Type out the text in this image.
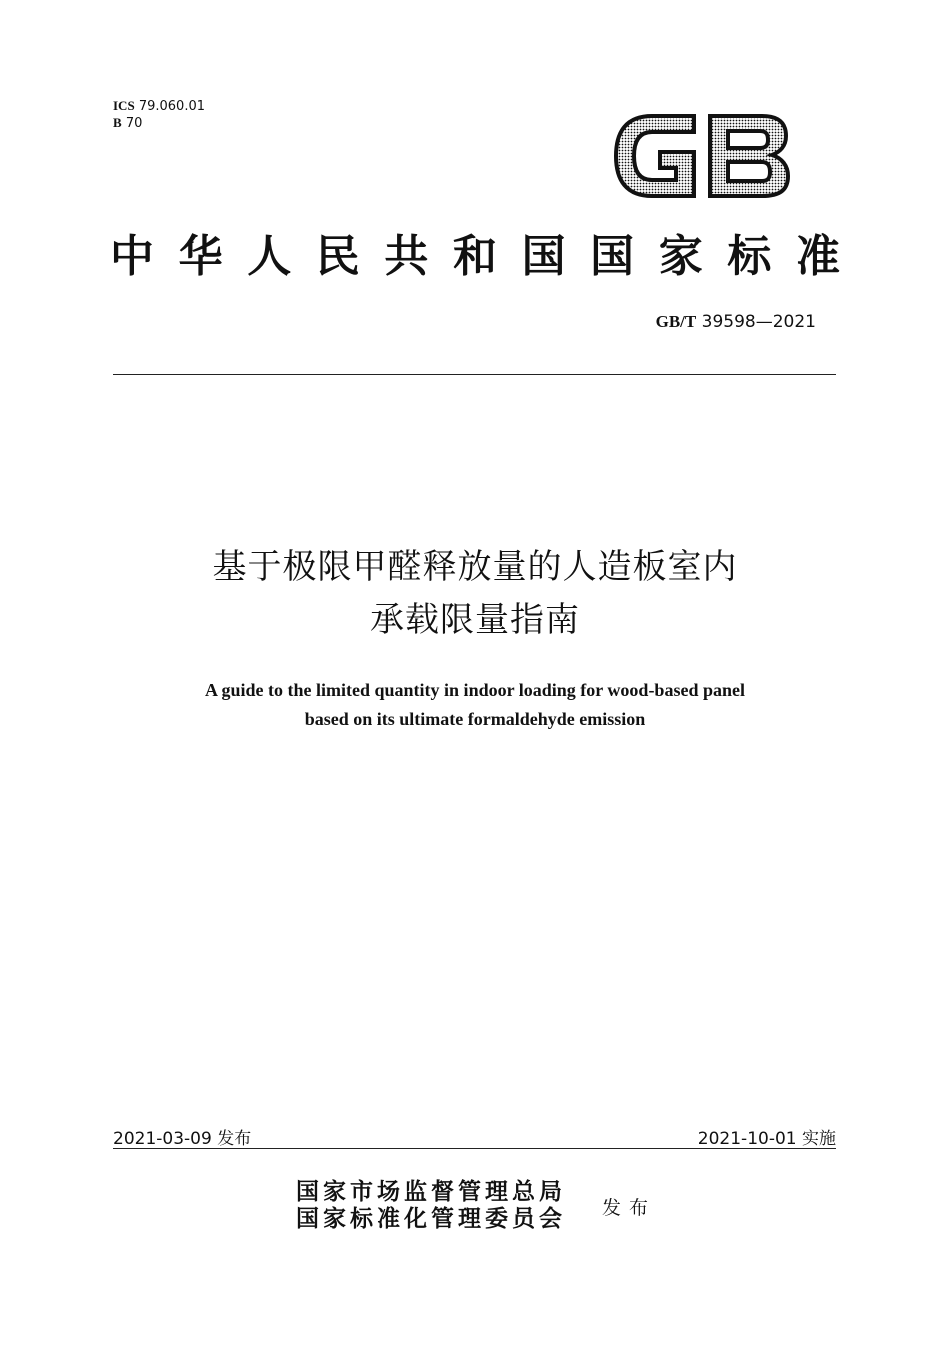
ICS 79.060.01
B 70
中 华 人 民 共 和 国 国 家 标 准
GB/T 39598—2021
基于极限甲醛释放量的人造板室内
承载限量指南
A guide to the limited quantity in indoor loading for wood-based panel
based on its ultimate formaldehyde emission
2021-03-09 发布	2021-10-01 实施
国家市场监督管理总局
国家标准化管理委员会 发布
